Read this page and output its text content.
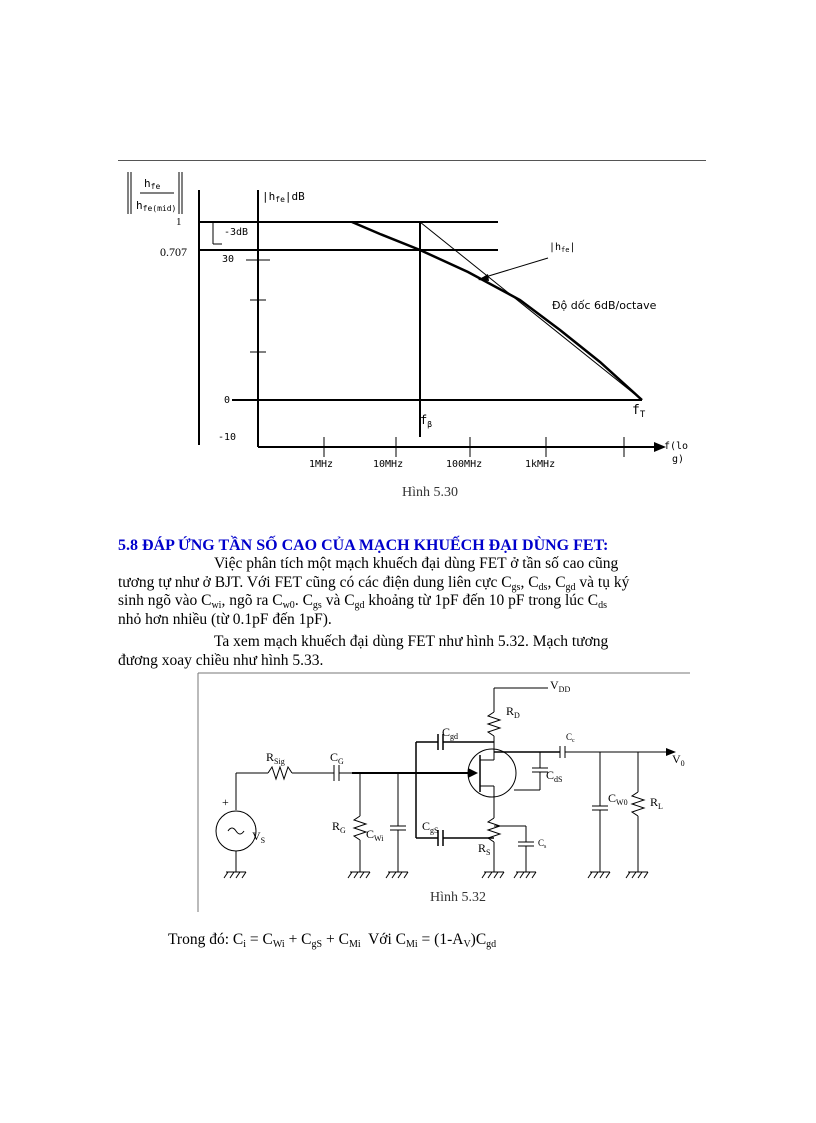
hfe
hfe(mid)
1
0.707
|hfe|dB
-3dB
30
0
-10
1MHz	10MHz	100MHz	1kMHz
f(lo
g)
$|h_{fe}|$
Độ dốc 6dB/octave
$f_\beta$
$f_T$
Hình 5.30
5.8 ĐÁP ỨNG TẦN SỐ CAO CỦA MẠCH KHUẾCH ĐẠI DÙNG FET:

Việc phân tích một mạch khuếch đại dùng FET ở tần số cao cũng
tương tự như ở BJT. Với FET cũng có các điện dung liên cực $C_{gs}$, $C_{ds}$, $C_{gd}$ và tụ ký
sinh ngõ vào $C_{wi}$, ngõ ra $C_{w0}$. $C_{gs}$ và $C_{gd}$ khoảng từ 1pF đến 10 pF trong lúc $C_{ds}$
nhỏ hơn nhiều (từ 0.1pF đến 1pF).

Ta xem mạch khuếch đại dùng FET như hình 5.32. Mạch tương
đương xoay chiều như hình 5.33.

$V_{DD}$
$R_D$
$C_{gd}$	$C_c$
$V_0$
$R_{Sig}$	$C_G$
$C_{dS}$
$C_{W0}$ $R_L$
+
$V_S$
$R_G$ $C_{Wi}$
$C_{gS}$
$R_S$
$C_s$
Hình 5.32

Trong đó: $C_i = C_{Wi} + C_{gS} + C_{Mi}$  Với $C_{Mi} = (1-A_V)C_{gd}$
